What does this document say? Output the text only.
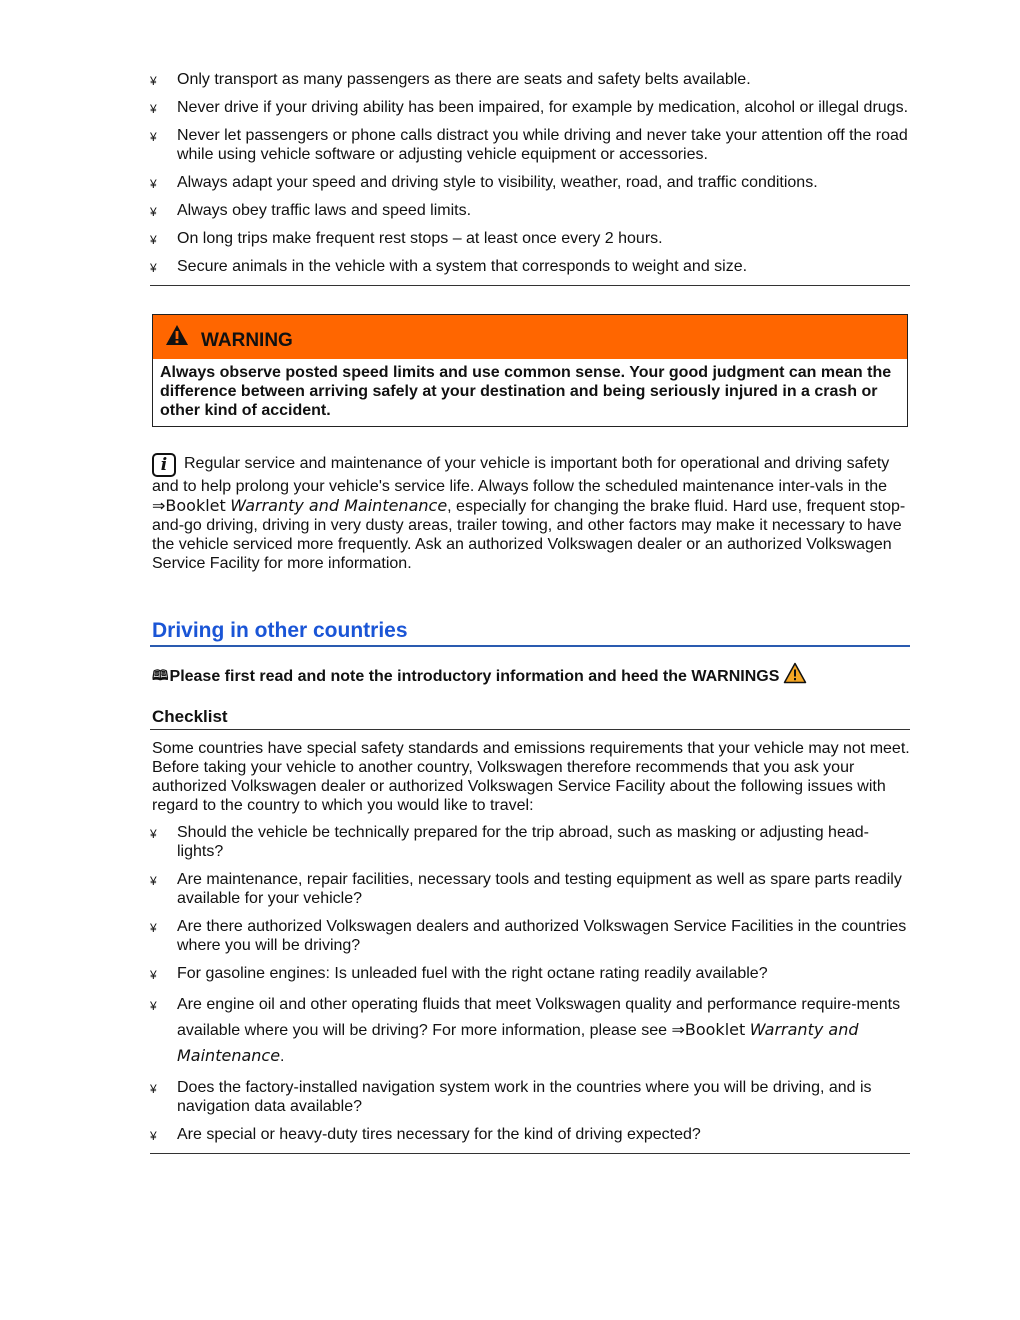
¥ Only transport as many passengers as there are seats and safety belts available.
¥ Never drive if your driving ability has been impaired, for example by medication, alcohol or illegal drugs.
¥ Never let passengers or phone calls distract you while driving and never take your attention off the road while using vehicle software or adjusting vehicle equipment or accessories.
¥ Always adapt your speed and driving style to visibility, weather, road, and traffic conditions.
¥ Always obey traffic laws and speed limits.
¥ On long trips make frequent rest stops – at least once every 2 hours.
¥ Secure animals in the vehicle with a system that corresponds to weight and size.
WARNING
Always observe posted speed limits and use common sense. Your good judgment can mean the difference between arriving safely at your destination and being seriously injured in a crash or other kind of accident.
i Regular service and maintenance of your vehicle is important both for operational and driving safety and to help prolong your vehicle's service life. Always follow the scheduled maintenance inter-vals in the ⇒Booklet Warranty and Maintenance, especially for changing the brake fluid. Hard use, frequent stop-and-go driving, driving in very dusty areas, trailer towing, and other factors may make it necessary to have the vehicle serviced more frequently. Ask an authorized Volkswagen dealer or an authorized Volkswagen Service Facility for more information.
Driving in other countries
🕮 Please first read and note the introductory information and heed the WARNINGS
Checklist
Some countries have special safety standards and emissions requirements that your vehicle may not meet. Before taking your vehicle to another country, Volkswagen therefore recommends that you ask your authorized Volkswagen dealer or authorized Volkswagen Service Facility about the following issues with regard to the country to which you would like to travel:
¥ Should the vehicle be technically prepared for the trip abroad, such as masking or adjusting head-lights?
¥ Are maintenance, repair facilities, necessary tools and testing equipment as well as spare parts readily available for your vehicle?
¥ Are there authorized Volkswagen dealers and authorized Volkswagen Service Facilities in the countries where you will be driving?
¥ For gasoline engines: Is unleaded fuel with the right octane rating readily available?
¥ Are engine oil and other operating fluids that meet Volkswagen quality and performance require-ments available where you will be driving? For more information, please see ⇒Booklet Warranty and Maintenance.
¥ Does the factory-installed navigation system work in the countries where you will be driving, and is navigation data available?
¥ Are special or heavy-duty tires necessary for the kind of driving expected?
